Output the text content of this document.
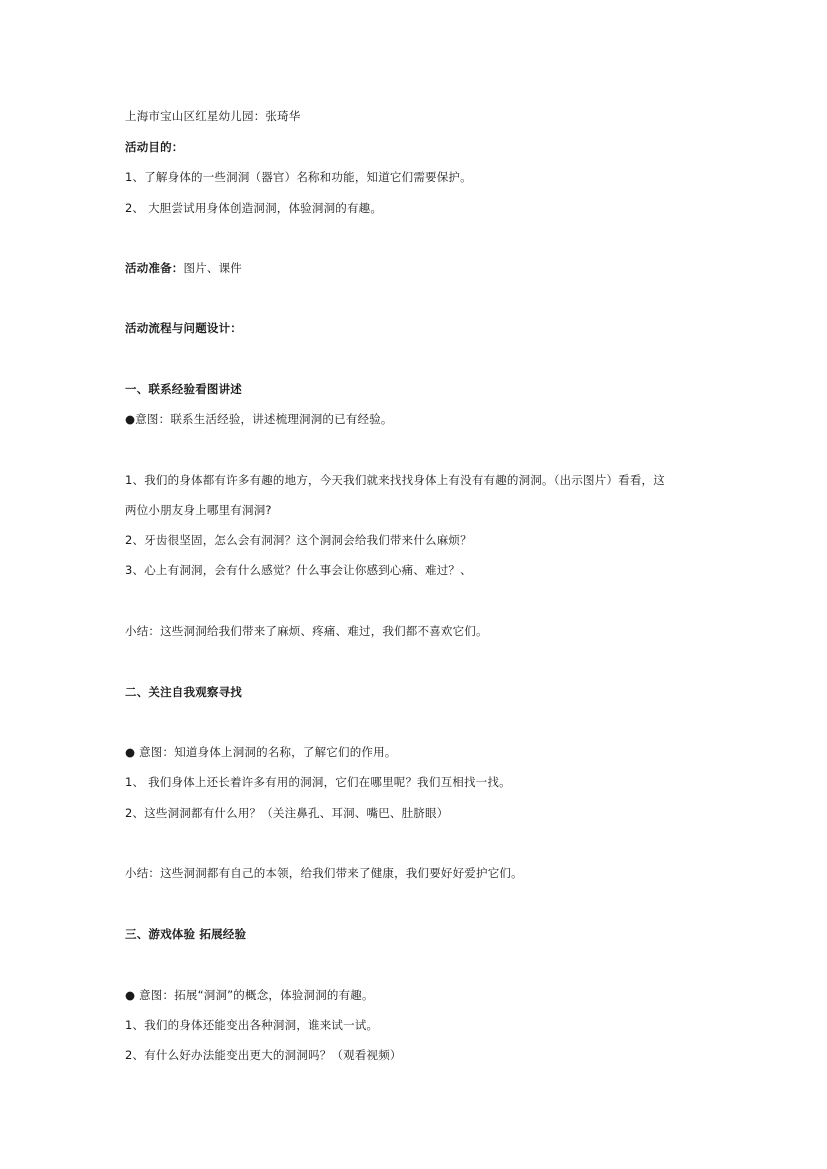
上海市宝山区红星幼儿园：张琦华
活动目的：
1、了解身体的一些洞洞（器官）名称和功能，知道它们需要保护。
2、 大胆尝试用身体创造洞洞，体验洞洞的有趣。
活动准备：图片、课件
活动流程与问题设计：
一、联系经验看图讲述
●意图：联系生活经验，讲述梳理洞洞的已有经验。
1、我们的身体都有许多有趣的地方，今天我们就来找找身体上有没有有趣的洞洞。（出示图片）看看，这
两位小朋友身上哪里有洞洞?
2、牙齿很坚固，怎么会有洞洞？这个洞洞会给我们带来什么麻烦？
3、心上有洞洞，会有什么感觉？什么事会让你感到心痛、难过？、
小结：这些洞洞给我们带来了麻烦、疼痛、难过，我们都不喜欢它们。
二、关注自我观察寻找
● 意图：知道身体上洞洞的名称，了解它们的作用。
1、 我们身体上还长着许多有用的洞洞，它们在哪里呢？我们互相找一找。
2、这些洞洞都有什么用？（关注鼻孔、耳洞、嘴巴、肚脐眼）
小结：这些洞洞都有自己的本领，给我们带来了健康，我们要好好爱护它们。
三、游戏体验 拓展经验
● 意图：拓展“洞洞”的概念，体验洞洞的有趣。
1、我们的身体还能变出各种洞洞，谁来试一试。
2、有什么好办法能变出更大的洞洞吗？（观看视频）
